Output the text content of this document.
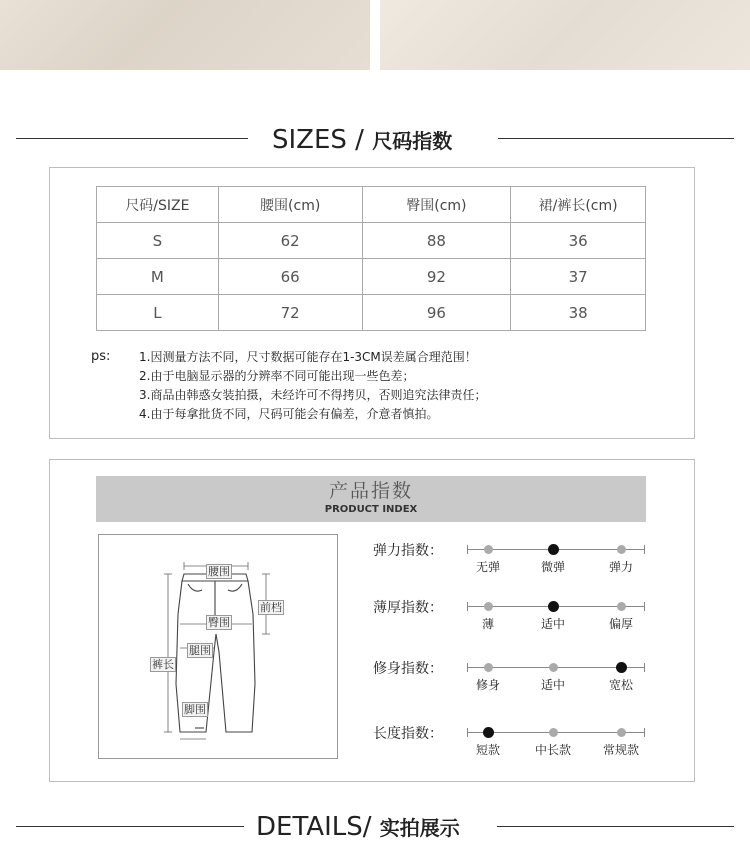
SIZES / 尺码指数
尺码/SIZE	腰围(cm)	臀围(cm)	裙/裤长(cm)
S	62	88	36
M	66	92	37
L	72	96	38
ps: 1.因测量方法不同，尺寸数据可能存在1-3CM误差属合理范围！
2.由于电脑显示器的分辨率不同可能出现一些色差；
3.商品由韩惑女装拍摄，未经许可不得拷贝，否则追究法律责任；
4.由于每拿批货不同，尺码可能会有偏差，介意者慎拍。
产品指数
PRODUCT INDEX
腰围
前档
臀围
腿围
裤长
脚围
弹力指数：
无弹	微弹	弹力
薄厚指数：
薄	适中	偏厚
修身指数：
修身	适中	宽松
长度指数：
短款	中长款	常规款
DETAILS/ 实拍展示
